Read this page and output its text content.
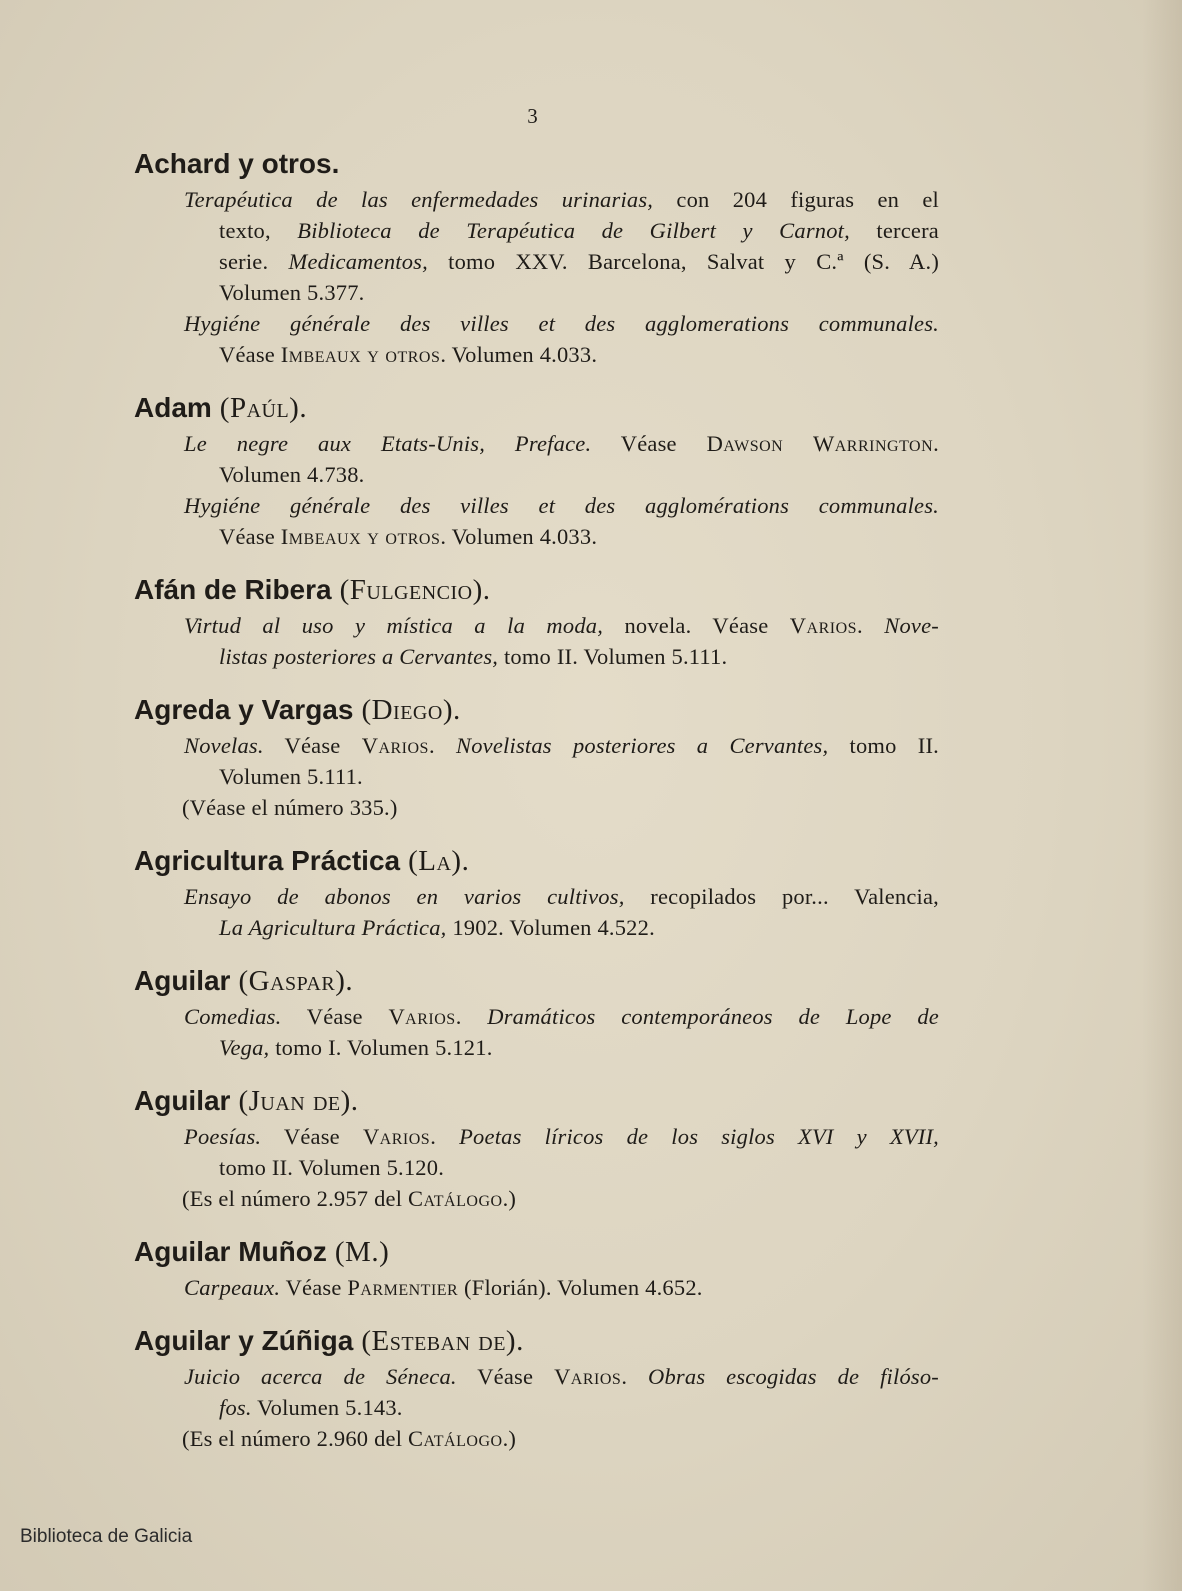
3
Achard y otros.
Terapéutica de las enfermedades urinarias, con 204 figuras en el
texto, Biblioteca de Terapéutica de Gilbert y Carnot, tercera
serie. Medicamentos, tomo XXV. Barcelona, Salvat y C.ª (S. A.)
Volumen 5.377.
Hygiéne générale des villes et des agglomerations communales.
Véase Imbeaux y otros. Volumen 4.033.
Adam (Paúl).
Le negre aux Etats-Unis, Preface. Véase Dawson Warrington.
Volumen 4.738.
Hygiéne générale des villes et des agglomérations communales.
Véase Imbeaux y otros. Volumen 4.033.
Afán de Ribera (Fulgencio).
Virtud al uso y mística a la moda, novela. Véase Varios. Nove-
listas posteriores a Cervantes, tomo II. Volumen 5.111.
Agreda y Vargas (Diego).
Novelas. Véase Varios. Novelistas posteriores a Cervantes, tomo II.
Volumen 5.111.
(Véase el número 335.)
Agricultura Práctica (La).
Ensayo de abonos en varios cultivos, recopilados por... Valencia,
La Agricultura Práctica, 1902. Volumen 4.522.
Aguilar (Gaspar).
Comedias. Véase Varios. Dramáticos contemporáneos de Lope de
Vega, tomo I. Volumen 5.121.
Aguilar (Juan de).
Poesías. Véase Varios. Poetas líricos de los siglos XVI y XVII,
tomo II. Volumen 5.120.
(Es el número 2.957 del Catálogo.)
Aguilar Muñoz (M.)
Carpeaux. Véase Parmentier (Florián). Volumen 4.652.
Aguilar y Zúñiga (Esteban de).
Juicio acerca de Séneca. Véase Varios. Obras escogidas de filóso-
fos. Volumen 5.143.
(Es el número 2.960 del Catálogo.)
Biblioteca de Galicia
